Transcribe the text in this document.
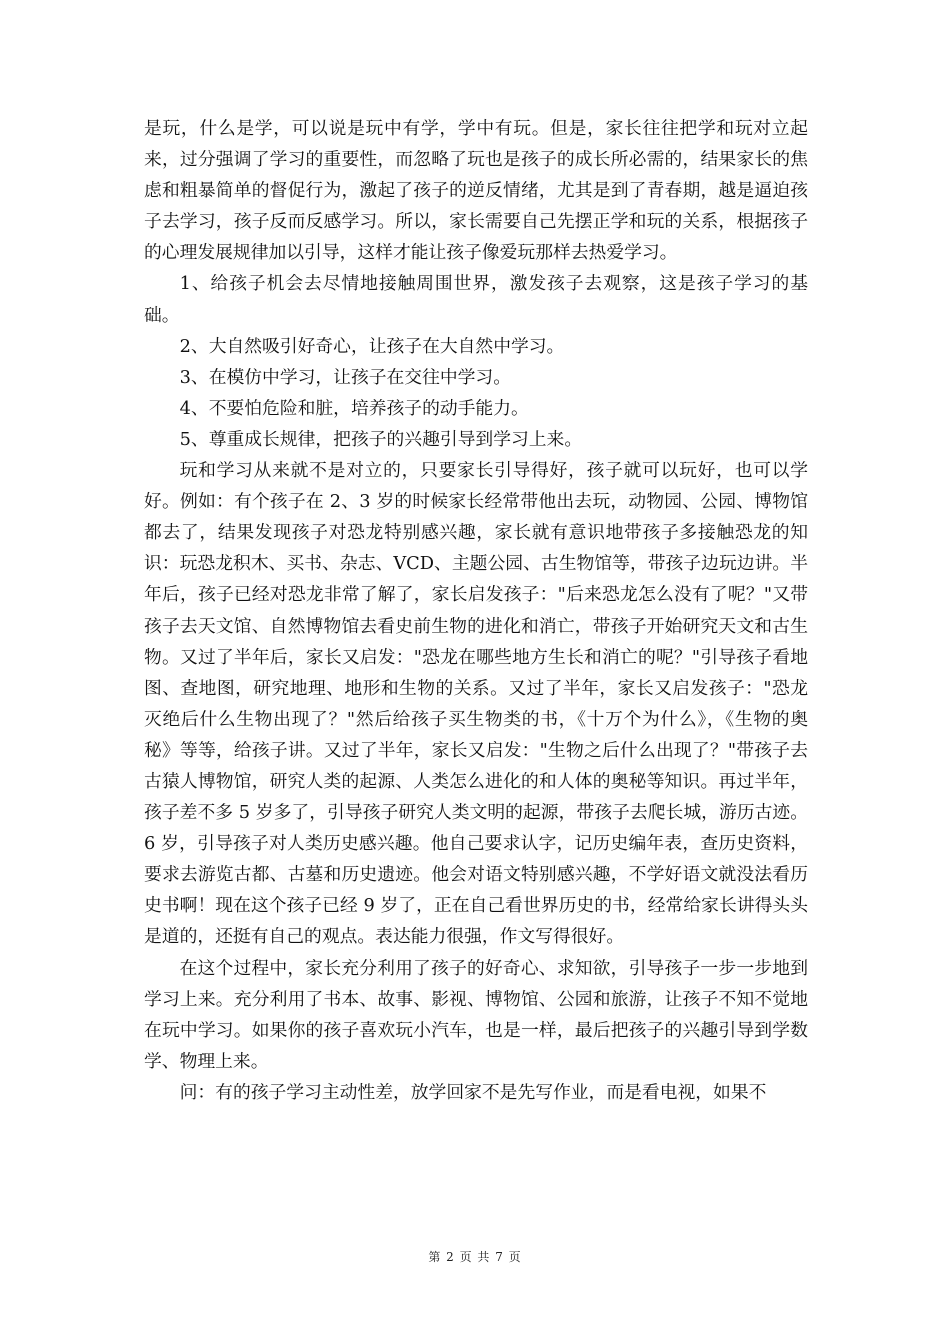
是玩，什么是学，可以说是玩中有学，学中有玩。但是，家长往往把学和玩对立起来，过分强调了学习的重要性，而忽略了玩也是孩子的成长所必需的，结果家长的焦虑和粗暴简单的督促行为，激起了孩子的逆反情绪，尤其是到了青春期，越是逼迫孩子去学习，孩子反而反感学习。所以，家长需要自己先摆正学和玩的关系，根据孩子的心理发展规律加以引导，这样才能让孩子像爱玩那样去热爱学习。

1、给孩子机会去尽情地接触周围世界，激发孩子去观察，这是孩子学习的基础。

2、大自然吸引好奇心，让孩子在大自然中学习。

3、在模仿中学习，让孩子在交往中学习。

4、不要怕危险和脏，培养孩子的动手能力。

5、尊重成长规律，把孩子的兴趣引导到学习上来。

玩和学习从来就不是对立的，只要家长引导得好，孩子就可以玩好，也可以学好。例如：有个孩子在 2、3 岁的时候家长经常带他出去玩，动物园、公园、博物馆都去了，结果发现孩子对恐龙特别感兴趣，家长就有意识地带孩子多接触恐龙的知识：玩恐龙积木、买书、杂志、VCD、主题公园、古生物馆等，带孩子边玩边讲。半年后，孩子已经对恐龙非常了解了，家长启发孩子："后来恐龙怎么没有了呢？"又带孩子去天文馆、自然博物馆去看史前生物的进化和消亡，带孩子开始研究天文和古生物。又过了半年后，家长又启发："恐龙在哪些地方生长和消亡的呢？"引导孩子看地图、查地图，研究地理、地形和生物的关系。又过了半年，家长又启发孩子："恐龙灭绝后什么生物出现了？"然后给孩子买生物类的书，《十万个为什么》，《生物的奥秘》等等，给孩子讲。又过了半年，家长又启发："生物之后什么出现了？"带孩子去古猿人博物馆，研究人类的起源、人类怎么进化的和人体的奥秘等知识。再过半年，孩子差不多 5 岁多了，引导孩子研究人类文明的起源，带孩子去爬长城，游历古迹。6 岁，引导孩子对人类历史感兴趣。他自己要求认字，记历史编年表，查历史资料，要求去游览古都、古墓和历史遗迹。他会对语文特别感兴趣，不学好语文就没法看历史书啊！现在这个孩子已经 9 岁了，正在自己看世界历史的书，经常给家长讲得头头是道的，还挺有自己的观点。表达能力很强，作文写得很好。

在这个过程中，家长充分利用了孩子的好奇心、求知欲，引导孩子一步一步地到学习上来。充分利用了书本、故事、影视、博物馆、公园和旅游，让孩子不知不觉地在玩中学习。如果你的孩子喜欢玩小汽车，也是一样，最后把孩子的兴趣引导到学数学、物理上来。

问：有的孩子学习主动性差，放学回家不是先写作业，而是看电视，如果不

第 2 页 共 7 页
